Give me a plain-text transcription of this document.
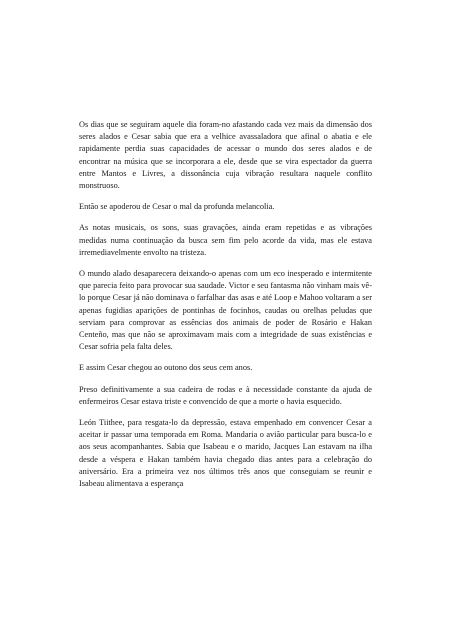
Os dias que se seguiram aquele dia foram-no afastando cada vez mais da dimensão dos seres alados e Cesar sabia que era a velhice avassaladora que afinal o abatia e ele rapidamente perdia suas capacidades de acessar o mundo dos seres alados e de encontrar na música que se incorporara a ele, desde que se vira espectador da guerra entre Mantos e Livres, a dissonância cuja vibração resultara naquele conflito monstruoso.

Então se apoderou de Cesar o mal da profunda melancolia.

As notas musicais, os sons, suas gravações, ainda eram repetidas e as vibrações medidas numa continuação da busca sem fim pelo acorde da vida, mas ele estava irremediavelmente envolto na tristeza.

O mundo alado desaparecera deixando-o apenas com um eco inesperado e intermitente que parecia feito para provocar sua saudade. Victor e seu fantasma não vinham mais vê-lo porque Cesar já não dominava o farfalhar das asas e até Loop e Mahoo voltaram a ser apenas fugidias aparições de pontinhas de focinhos, caudas ou orelhas peludas que serviam para comprovar as essências dos animais de poder de Rosário e Hakan Centeño, mas que não se aproximavam mais com a integridade de suas existências e Cesar sofria pela falta deles.

E assim Cesar chegou ao outono dos seus cem anos.

Preso definitivamente a sua cadeira de rodas e à necessidade constante da ajuda de enfermeiros Cesar estava triste e convencido de que a morte o havia esquecido.

León Tiithee, para resgata-lo da depressão, estava empenhado em convencer Cesar a aceitar ir passar uma temporada em Roma. Mandaria o avião particular para busca-lo e aos seus acompanhantes. Sabia que Isabeau e o marido, Jacques Lan estavam na ilha desde a véspera e Hakan também havia chegado dias antes para a celebração do aniversário. Era a primeira vez nos últimos três anos que conseguiam se reunir e Isabeau alimentava a esperança
